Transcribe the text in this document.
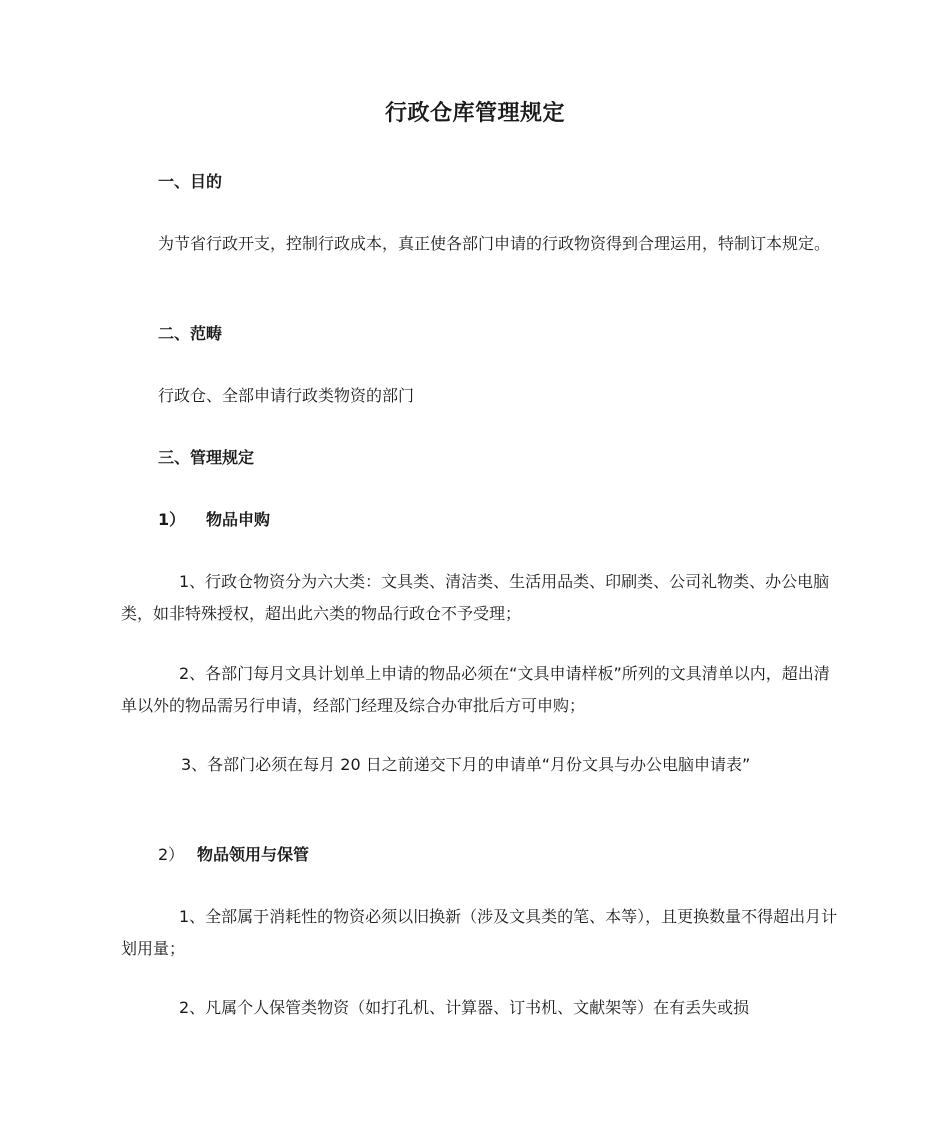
行政仓库管理规定
一、目的
为节省行政开支，控制行政成本，真正使各部门申请的行政物资得到合理运用，特制订本规定。
二、范畴
行政仓、全部申请行政类物资的部门
三、管理规定
1） 物品申购
1、行政仓物资分为六大类：文具类、清洁类、生活用品类、印刷类、公司礼物类、办公电脑类，如非特殊授权，超出此六类的物品行政仓不予受理；
2、各部门每月文具计划单上申请的物品必须在“文具申请样板”所列的文具清单以内，超出清单以外的物品需另行申请，经部门经理及综合办审批后方可申购；
3、各部门必须在每月 20 日之前递交下月的申请单“月份文具与办公电脑申请表”
2） 物品领用与保管
1、全部属于消耗性的物资必须以旧换新（涉及文具类的笔、本等），且更换数量不得超出月计划用量；
2、凡属个人保管类物资（如打孔机、计算器、订书机、文献架等）在有丢失或损
